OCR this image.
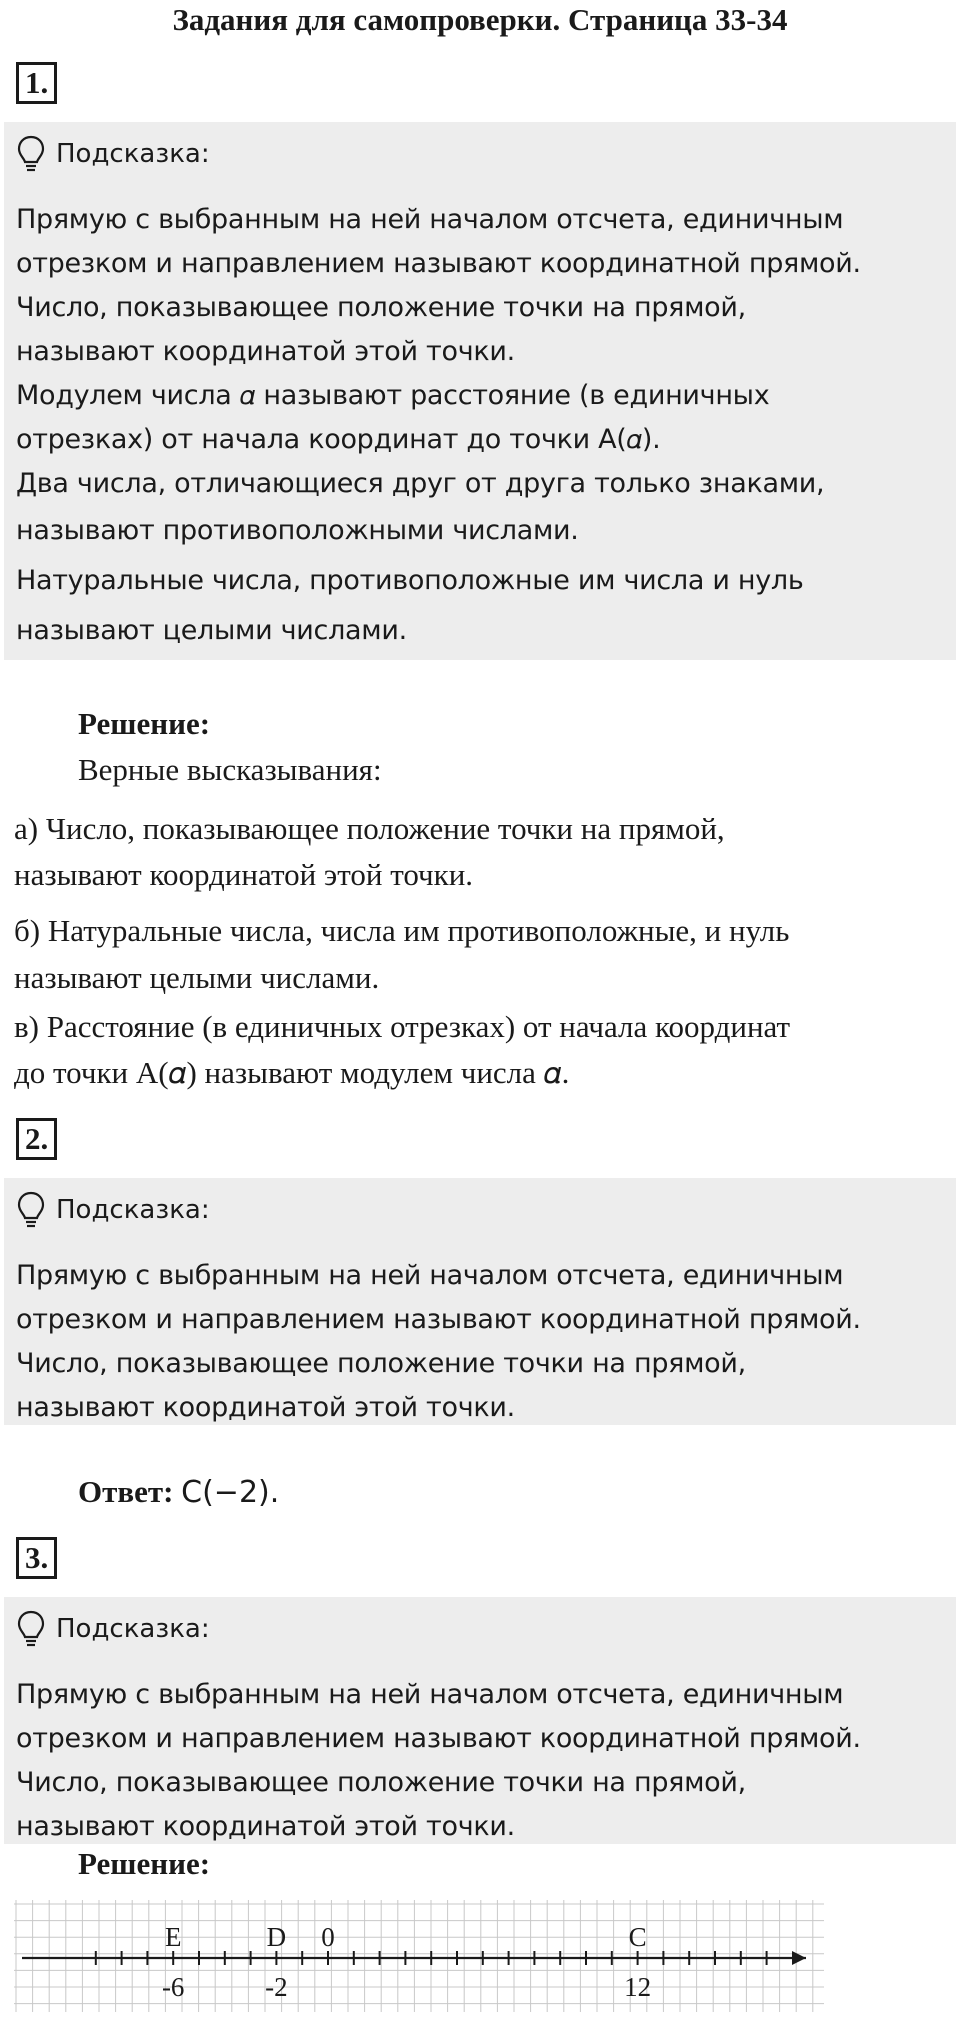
Задания для самопроверки. Страница 33-34
1.
Подсказка:
Прямую с выбранным на ней началом отсчета, единичным
отрезком и направлением называют координатной прямой.
Число, показывающее положение точки на прямой,
называют координатой этой точки.
Модулем числа 𝛼 называют расстояние (в единичных
отрезках) от начала координат до точки А(𝛼).
Два числа, отличающиеся друг от друга только знаками,
называют противоположными числами.
Натуральные числа, противоположные им числа и нуль
называют целыми числами.
Решение:
Верные высказывания:
а) Число, показывающее положение точки на прямой,
называют координатой этой точки.
б) Натуральные числа, числа им противоположные, и нуль
называют целыми числами.
в) Расстояние (в единичных отрезках) от начала координат
до точки А(𝛼) называют модулем числа 𝛼.
2.
Подсказка:
Прямую с выбранным на ней началом отсчета, единичным
отрезком и направлением называют координатной прямой.
Число, показывающее положение точки на прямой,
называют координатой этой точки.
Ответ: С(−2).
3.
Подсказка:
Прямую с выбранным на ней началом отсчета, единичным
отрезком и направлением называют координатной прямой.
Число, показывающее положение точки на прямой,
называют координатой этой точки.
Решение:
E	D 0	C
-6	-2	12
